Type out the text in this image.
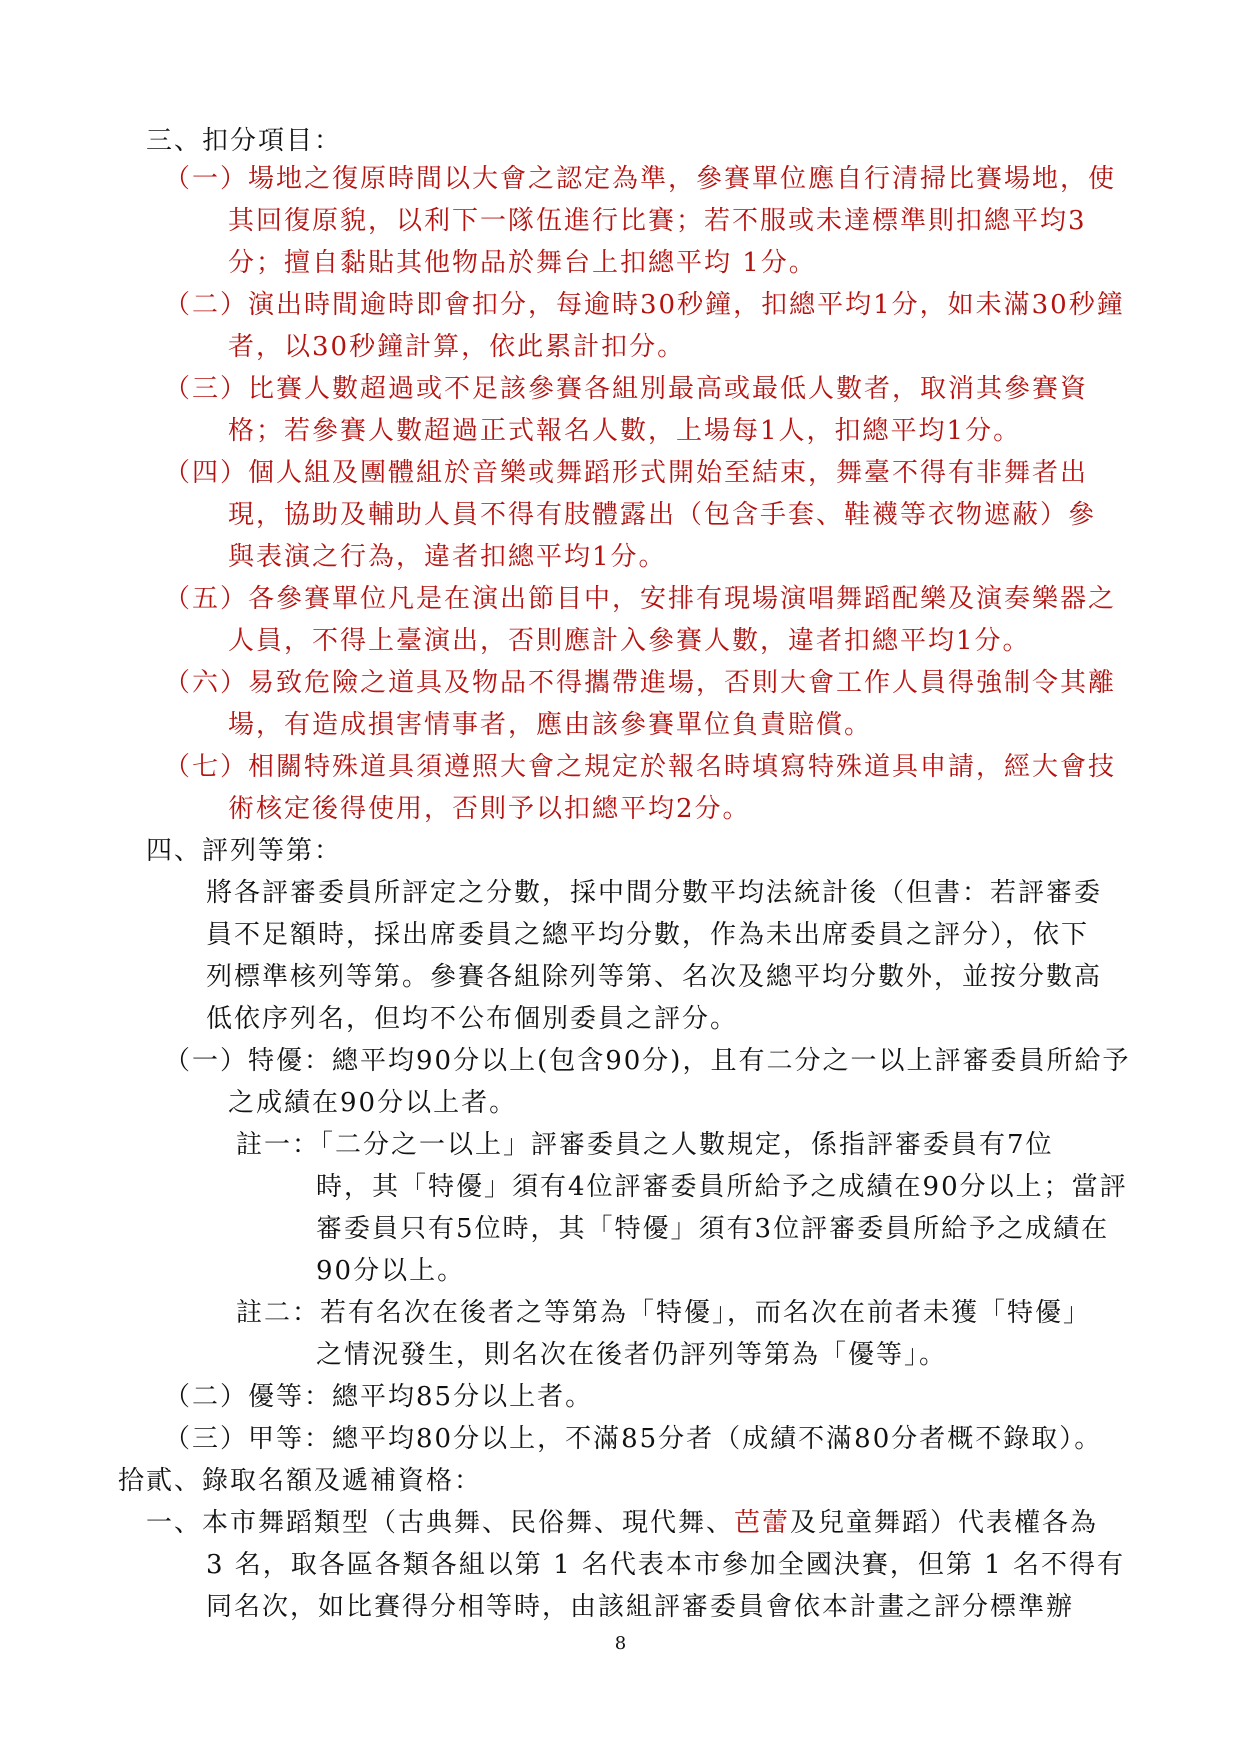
三、扣分項目：
（一）場地之復原時間以大會之認定為準，參賽單位應自行清掃比賽場地，使
其回復原貌，以利下一隊伍進行比賽；若不服或未達標準則扣總平均3
分；擅自黏貼其他物品於舞台上扣總平均 1分。
（二）演出時間逾時即會扣分，每逾時30秒鐘，扣總平均1分，如未滿30秒鐘
者，以30秒鐘計算，依此累計扣分。
（三）比賽人數超過或不足該參賽各組別最高或最低人數者，取消其參賽資
格；若參賽人數超過正式報名人數，上場每1人，扣總平均1分。
（四）個人組及團體組於音樂或舞蹈形式開始至結束，舞臺不得有非舞者出
現，協助及輔助人員不得有肢體露出（包含手套、鞋襪等衣物遮蔽）參
與表演之行為，違者扣總平均1分。
（五）各參賽單位凡是在演出節目中，安排有現場演唱舞蹈配樂及演奏樂器之
人員，不得上臺演出，否則應計入參賽人數，違者扣總平均1分。
（六）易致危險之道具及物品不得攜帶進場，否則大會工作人員得強制令其離
場，有造成損害情事者，應由該參賽單位負責賠償。
（七）相關特殊道具須遵照大會之規定於報名時填寫特殊道具申請，經大會技
術核定後得使用，否則予以扣總平均2分。
四、評列等第：
將各評審委員所評定之分數，採中間分數平均法統計後（但書：若評審委
員不足額時，採出席委員之總平均分數，作為未出席委員之評分），依下
列標準核列等第。參賽各組除列等第、名次及總平均分數外，並按分數高
低依序列名，但均不公布個別委員之評分。
（一）特優：總平均90分以上(包含90分)，且有二分之一以上評審委員所給予
之成績在90分以上者。
註一：「二分之一以上」評審委員之人數規定，係指評審委員有7位
時，其「特優」須有4位評審委員所給予之成績在90分以上；當評
審委員只有5位時，其「特優」須有3位評審委員所給予之成績在
90分以上。
註二：若有名次在後者之等第為「特優」，而名次在前者未獲「特優」
之情況發生，則名次在後者仍評列等第為「優等」。
（二）優等：總平均85分以上者。
（三）甲等：總平均80分以上，不滿85分者（成績不滿80分者概不錄取）。
拾貳、錄取名額及遞補資格：
一、本市舞蹈類型（古典舞、民俗舞、現代舞、芭蕾及兒童舞蹈）代表權各為
3 名，取各區各類各組以第 1 名代表本市參加全國決賽，但第 1 名不得有
同名次，如比賽得分相等時，由該組評審委員會依本計畫之評分標準辦
8
